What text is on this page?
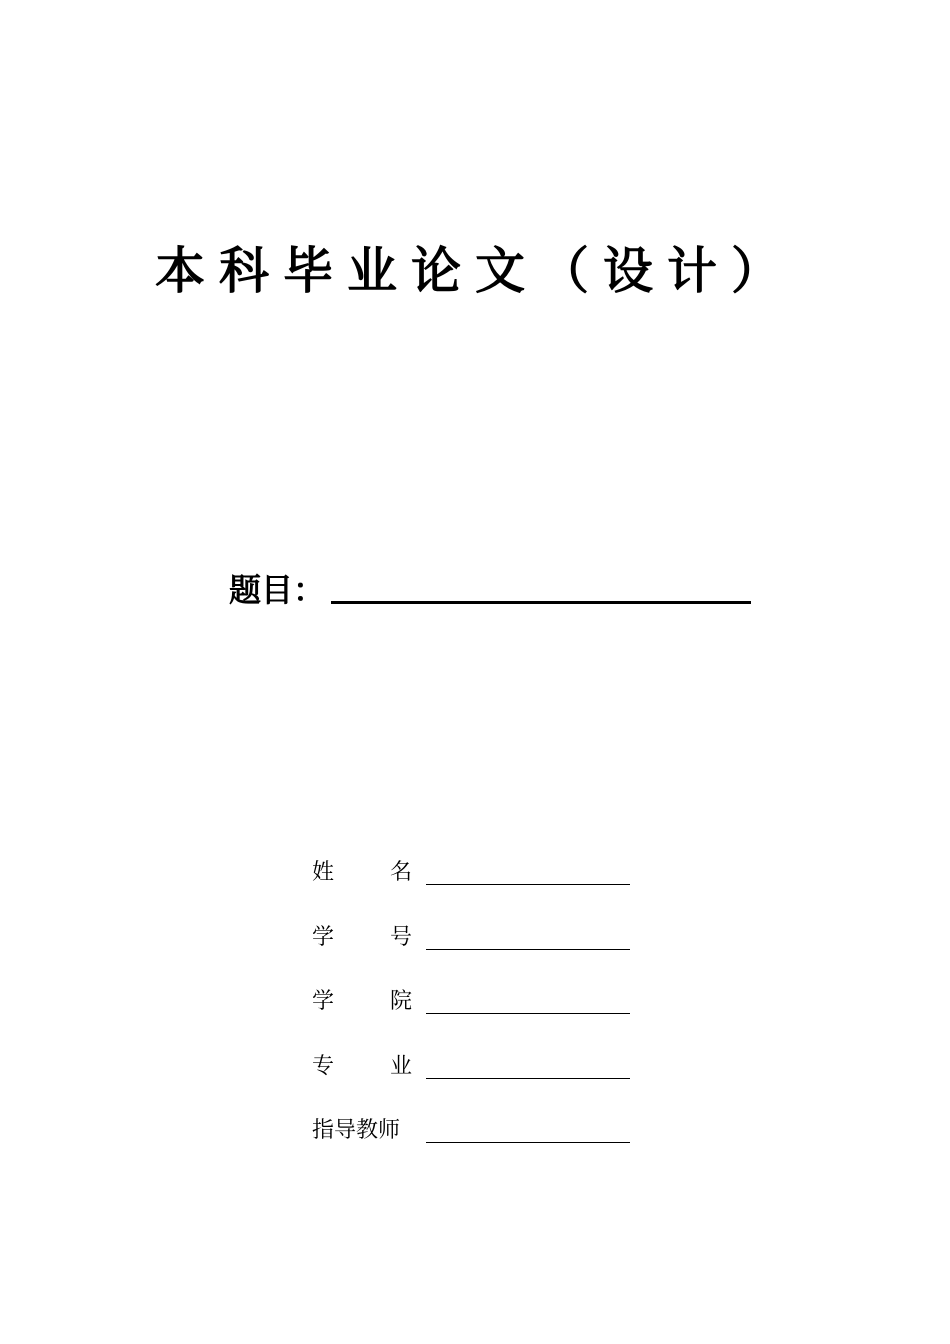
本科毕业论文（设计）
题目：
姓	名
学	号
学	院
专	业
指导教师
